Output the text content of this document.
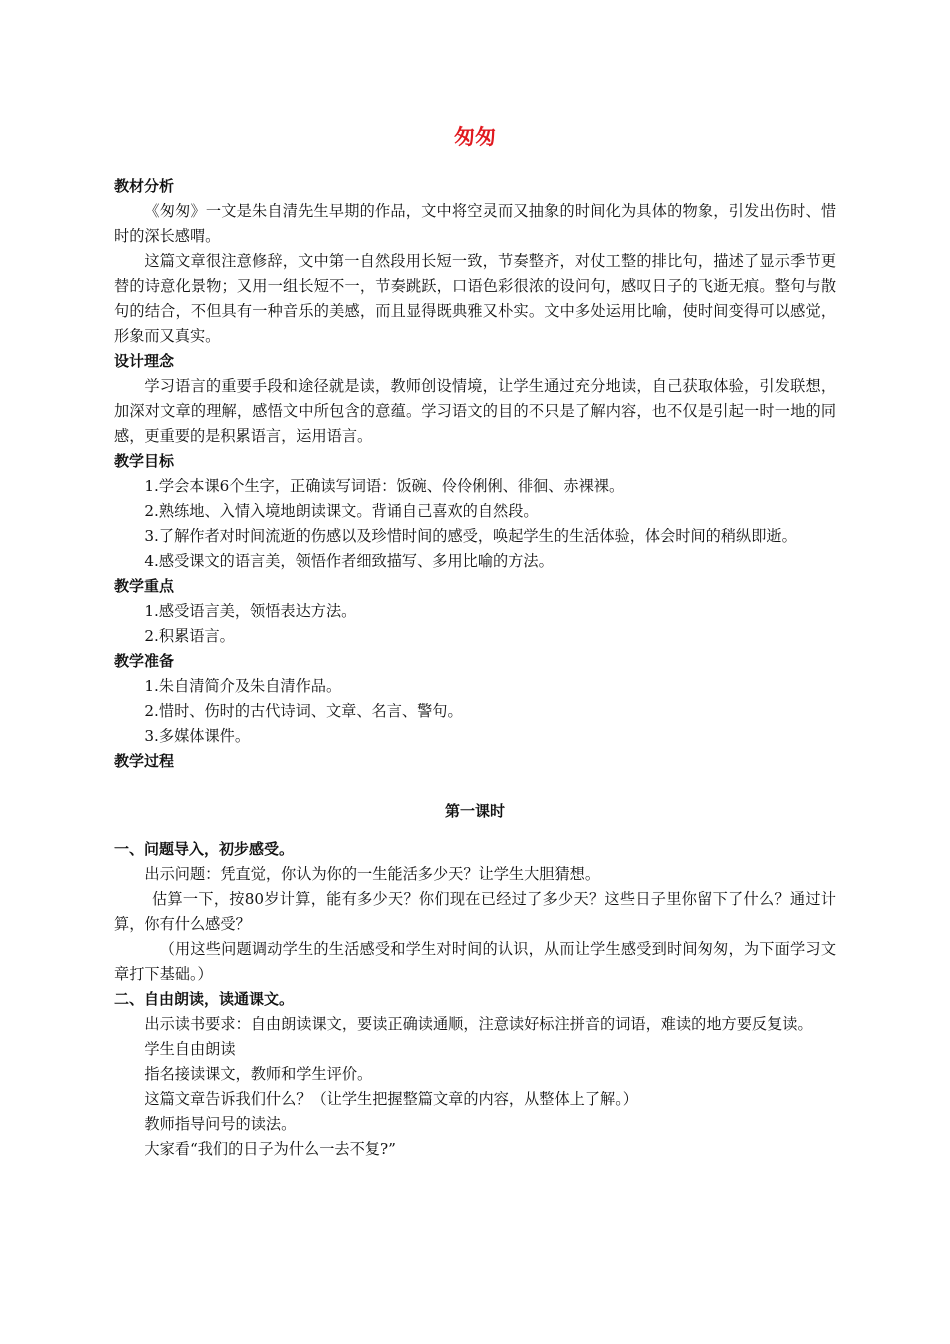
匆匆
教材分析
《匆匆》一文是朱自清先生早期的作品，文中将空灵而又抽象的时间化为具体的物象，引发出伤时、惜时的深长感喟。
这篇文章很注意修辞，文中第一自然段用长短一致，节奏整齐，对仗工整的排比句，描述了显示季节更替的诗意化景物；又用一组长短不一，节奏跳跃，口语色彩很浓的设问句，感叹日子的飞逝无痕。整句与散句的结合，不但具有一种音乐的美感，而且显得既典雅又朴实。文中多处运用比喻，使时间变得可以感觉，形象而又真实。
设计理念
学习语言的重要手段和途径就是读，教师创设情境，让学生通过充分地读，自己获取体验，引发联想，加深对文章的理解，感悟文中所包含的意蕴。学习语文的目的不只是了解内容，也不仅是引起一时一地的同感，更重要的是积累语言，运用语言。
教学目标
1.学会本课6个生字，正确读写词语：饭碗、伶伶俐俐、徘徊、赤裸裸。
2.熟练地、入情入境地朗读课文。背诵自己喜欢的自然段。
3.了解作者对时间流逝的伤感以及珍惜时间的感受，唤起学生的生活体验，体会时间的稍纵即逝。
4.感受课文的语言美，领悟作者细致描写、多用比喻的方法。
教学重点
1.感受语言美，领悟表达方法。
2.积累语言。
教学准备
1.朱自清简介及朱自清作品。
2.惜时、伤时的古代诗词、文章、名言、警句。
3.多媒体课件。
教学过程
第一课时
一、问题导入，初步感受。
出示问题：凭直觉，你认为你的一生能活多少天？让学生大胆猜想。
估算一下，按80岁计算，能有多少天？你们现在已经过了多少天？这些日子里你留下了什么？通过计算，你有什么感受？
（用这些问题调动学生的生活感受和学生对时间的认识，从而让学生感受到时间匆匆，为下面学习文章打下基础。）
二、自由朗读，读通课文。
出示读书要求：自由朗读课文，要读正确读通顺，注意读好标注拼音的词语，难读的地方要反复读。
学生自由朗读
指名接读课文，教师和学生评价。
这篇文章告诉我们什么？（让学生把握整篇文章的内容，从整体上了解。）
教师指导问号的读法。
大家看“我们的日子为什么一去不复?”
